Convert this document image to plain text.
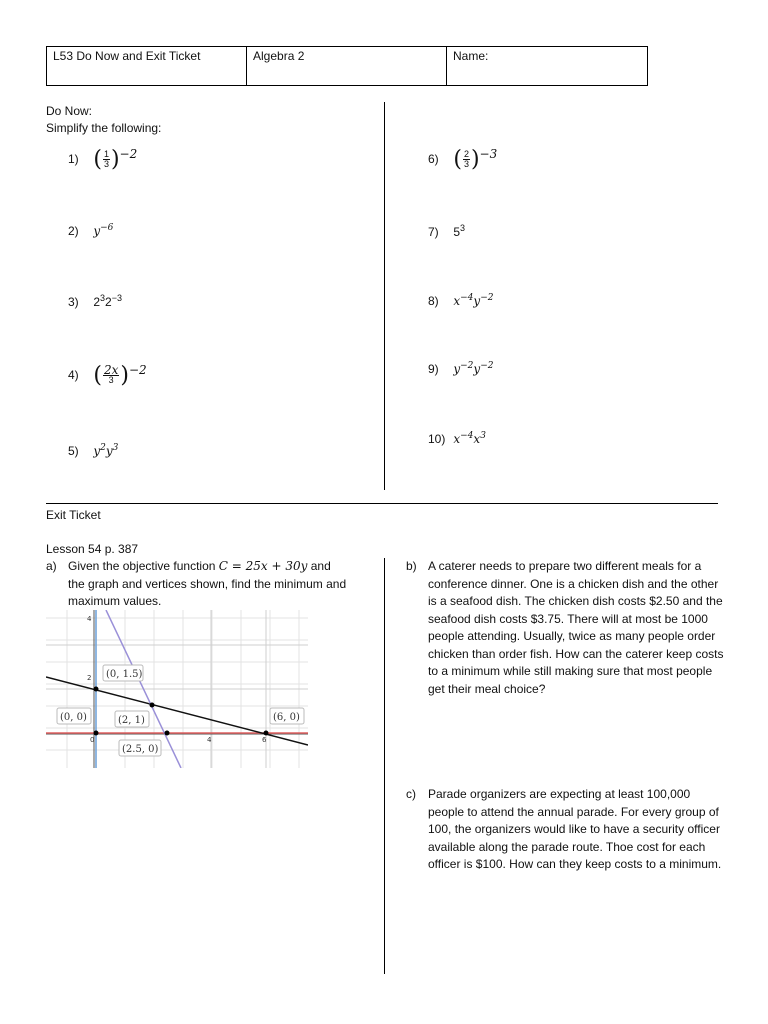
L53 Do Now and Exit Ticket	Algebra 2	Name:
Do Now:
Simplify the following:
1) ( $\frac{1}{3} )^{-2}$
2) $y^{-6}$
3) $2^32^{-3}$
4) ( $\frac{2x}{3} )^{-2}$
5) $y^2y^3$
6) ( $\frac{2}{3} )^{-3}$
7) $5^3$
8) $x^{-4}y^{-2}$
9) $y^{-2}y^{-2}$
10) $x^{-4}x^3$
Exit Ticket
Lesson 54 p. 387
a) Given the objective function C = 25x + 30y and the graph and vertices shown, find the minimum and maximum values.
4
2
0	4	6
(0, 1.5)
(0, 0)	(2, 1)
(2.5, 0)
(6, 0)
b) A caterer needs to prepare two different meals for a conference dinner. One is a chicken dish and the other is a seafood dish. The chicken dish costs $2.50 and the seafood dish costs $3.75. There will at most be 1000 people attending. Usually, twice as many people order chicken than order fish. How can the caterer keep costs to a minimum while still making sure that most people get their meal choice?
c) Parade organizers are expecting at least 100,000 people to attend the annual parade. For every group of 100, the organizers would like to have a security officer available along the parade route. Thoe cost for each officer is $100. How can they keep costs to a minimum.
